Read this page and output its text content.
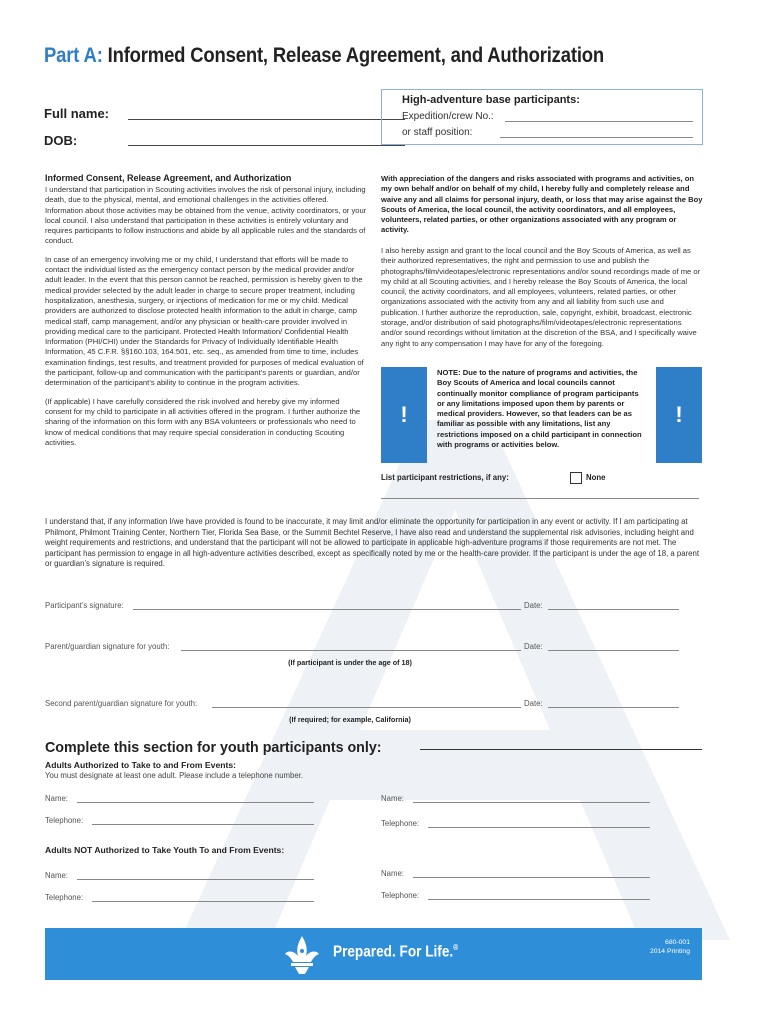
Part A: Informed Consent, Release Agreement, and Authorization
Full name:
DOB:
High-adventure base participants:
Expedition/crew No.:
or staff position:
Informed Consent, Release Agreement, and Authorization

I understand that participation in Scouting activities involves the risk of personal injury, including death, due to the physical, mental, and emotional challenges in the activities offered. Information about those activities may be obtained from the venue, activity coordinators, or your local council. I also understand that participation in these activities is entirely voluntary and requires participants to follow instructions and abide by all applicable rules and the standards of conduct.

In case of an emergency involving me or my child, I understand that efforts will be made to contact the individual listed as the emergency contact person by the medical provider and/or adult leader. In the event that this person cannot be reached, permission is hereby given to the medical provider selected by the adult leader in charge to secure proper treatment, including hospitalization, anesthesia, surgery, or injections of medication for me or my child. Medical providers are authorized to disclose protected health information to the adult in charge, camp medical staff, camp management, and/or any physician or health-care provider involved in providing medical care to the participant. Protected Health Information/ Confidential Health Information (PHI/CHI) under the Standards for Privacy of Individually Identifiable Health Information, 45 C.F.R. §§160.103, 164.501, etc. seq., as amended from time to time, includes examination findings, test results, and treatment provided for purposes of medical evaluation of the participant, follow-up and communication with the participant’s parents or guardian, and/or determination of the participant’s ability to continue in the program activities.

(If applicable) I have carefully considered the risk involved and hereby give my informed consent for my child to participate in all activities offered in the program. I further authorize the sharing of the information on this form with any BSA volunteers or professionals who need to know of medical conditions that may require special consideration in conducting Scouting activities.

With appreciation of the dangers and risks associated with programs and activities, on my own behalf and/or on behalf of my child, I hereby fully and completely release and waive any and all claims for personal injury, death, or loss that may arise against the Boy Scouts of America, the local council, the activity coordinators, and all employees, volunteers, related parties, or other organizations associated with any program or activity.
I also hereby assign and grant to the local council and the Boy Scouts of America, as well as their authorized representatives, the right and permission to use and publish the photographs/film/videotapes/electronic representations and/or sound recordings made of me or my child at all Scouting activities, and I hereby release the Boy Scouts of America, the local council, the activity coordinators, and all employees, volunteers, related parties, or other organizations associated with the activity from any and all liability from such use and publication. I further authorize the reproduction, sale, copyright, exhibit, broadcast, electronic storage, and/or distribution of said photographs/film/videotapes/electronic representations and/or sound recordings without limitation at the discretion of the BSA, and I specifically waive any right to any compensation I may have for any of the foregoing.
!	!
NOTE: Due to the nature of programs and activities, the Boy Scouts of America and local councils cannot continually monitor compliance of program participants or any limitations imposed upon them by parents or medical providers. However, so that leaders can be as familiar as possible with any limitations, list any restrictions imposed on a child participant in connection with programs or activities below.
List participant restrictions, if any:	None
I understand that, if any information I/we have provided is found to be inaccurate, it may limit and/or eliminate the opportunity for participation in any event or activity. If I am participating at Philmont, Philmont Training Center, Northern Tier, Florida Sea Base, or the Summit Bechtel Reserve, I have also read and understand the supplemental risk advisories, including height and weight requirements and restrictions, and understand that the participant will not be allowed to participate in applicable high-adventure programs if those requirements are not met. The participant has permission to engage in all high-adventure activities described, except as specifically noted by me or the health-care provider. If the participant is under the age of 18, a parent or guardian’s signature is required.
Participant’s signature:	Date:
Parent/guardian signature for youth:	Date:
(If participant is under the age of 18)
Second parent/guardian signature for youth:	Date:
(If required; for example, California)
Complete this section for youth participants only:
Adults Authorized to Take to and From Events:
You must designate at least one adult. Please include a telephone number.
Name:	Name:
Telephone:	Telephone:
Adults NOT Authorized to Take Youth To and From Events:
Name:	Name:
Telephone:	Telephone:
Prepared. For Life.®
680-001
2014 Printing
